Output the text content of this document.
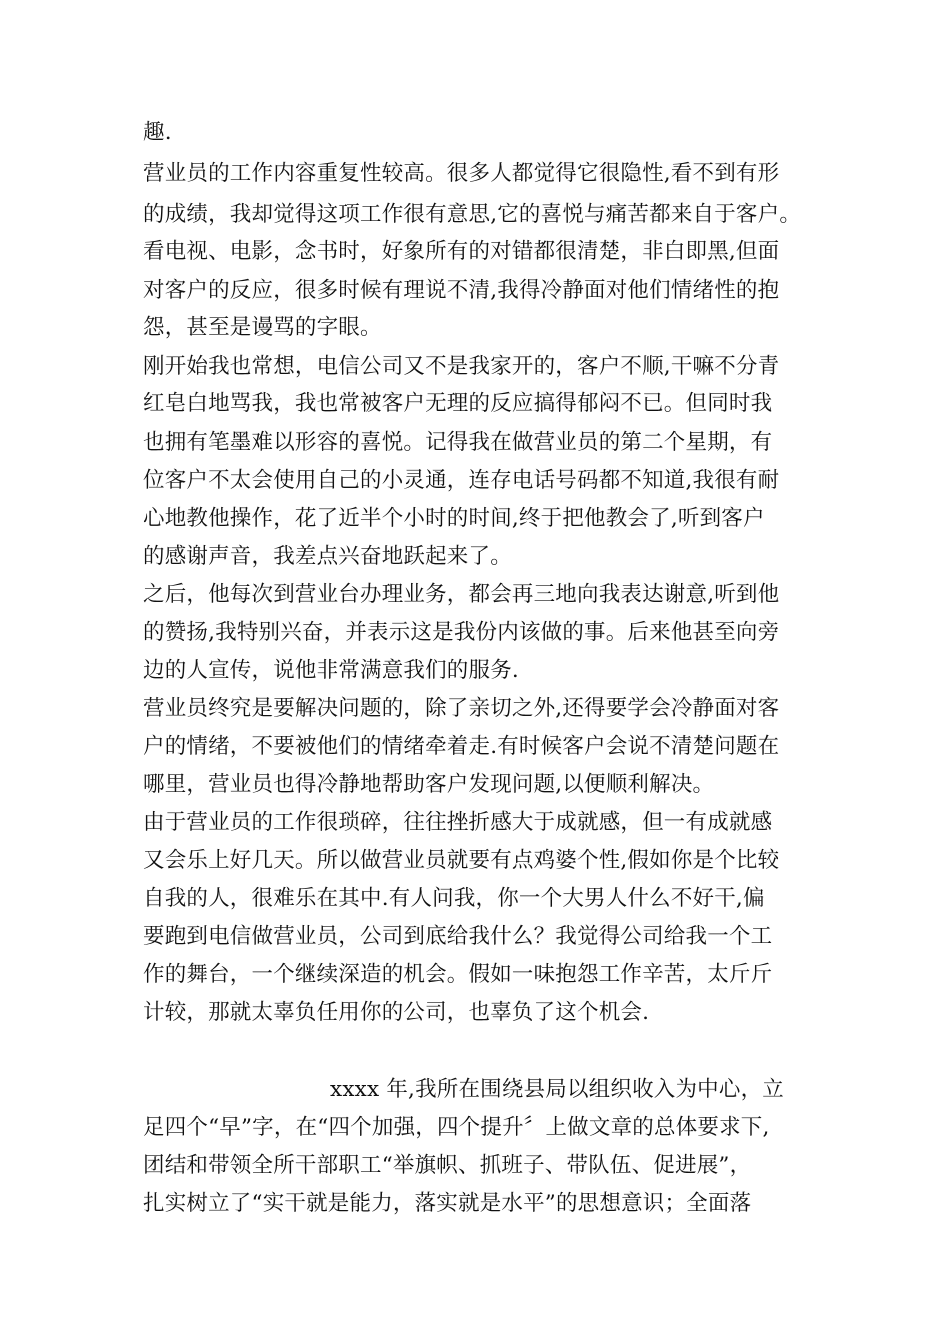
趣.
营业员的工作内容重复性较高。很多人都觉得它很隐性,看不到有形
的成绩，我却觉得这项工作很有意思,它的喜悦与痛苦都来自于客户。
看电视、电影，念书时，好象所有的对错都很清楚，非白即黑,但面
对客户的反应，很多时候有理说不清,我得冷静面对他们情绪性的抱
怨，甚至是谩骂的字眼。
刚开始我也常想，电信公司又不是我家开的，客户不顺,干嘛不分青
红皂白地骂我，我也常被客户无理的反应搞得郁闷不已。但同时我
也拥有笔墨难以形容的喜悦。记得我在做营业员的第二个星期，有
位客户不太会使用自己的小灵通，连存电话号码都不知道,我很有耐
心地教他操作，花了近半个小时的时间,终于把他教会了,听到客户
的感谢声音，我差点兴奋地跃起来了。
之后，他每次到营业台办理业务，都会再三地向我表达谢意,听到他
的赞扬,我特别兴奋，并表示这是我份内该做的事。后来他甚至向旁
边的人宣传，说他非常满意我们的服务.
营业员终究是要解决问题的，除了亲切之外,还得要学会冷静面对客
户的情绪，不要被他们的情绪牵着走.有时候客户会说不清楚问题在
哪里，营业员也得冷静地帮助客户发现问题,以便顺利解决。
由于营业员的工作很琐碎，往往挫折感大于成就感，但一有成就感
又会乐上好几天。所以做营业员就要有点鸡婆个性,假如你是个比较
自我的人，很难乐在其中.有人问我，你一个大男人什么不好干,偏
要跑到电信做营业员，公司到底给我什么？我觉得公司给我一个工
作的舞台，一个继续深造的机会。假如一味抱怨工作辛苦，太斤斤
计较，那就太辜负任用你的公司，也辜负了这个机会.
xxxx 年,我所在围绕县局以组织收入为中心，立
足四个“早”字，在“四个加强，四个提升〞上做文章的总体要求下,
团结和带领全所干部职工“举旗帜、抓班子、带队伍、促进展”，
扎实树立了“实干就是能力，落实就是水平”的思想意识；全面落
